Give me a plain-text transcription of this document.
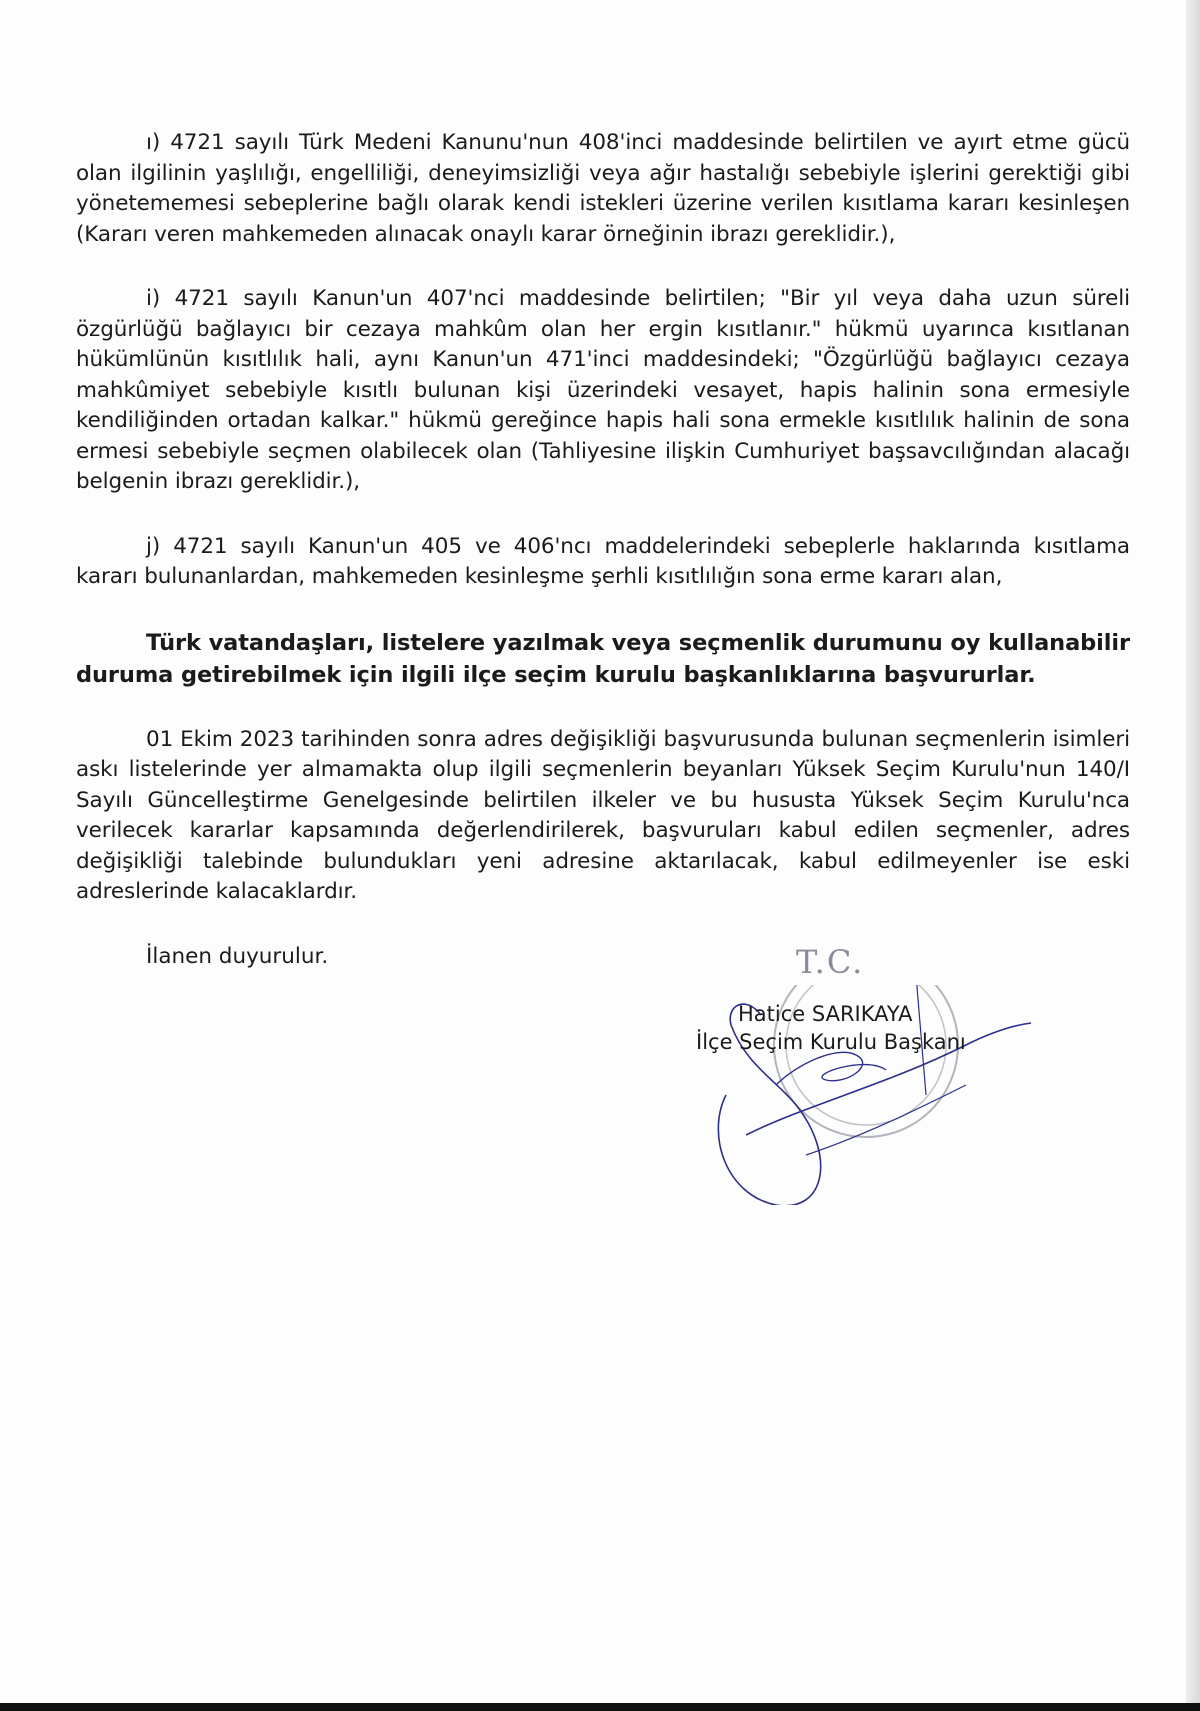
ı) 4721 sayılı Türk Medeni Kanunu'nun 408'inci maddesinde belirtilen ve ayırt etme gücü olan ilgilinin yaşlılığı, engelliliği, deneyimsizliği veya ağır hastalığı sebebiyle işlerini gerektiği gibi yönetememesi sebeplerine bağlı olarak kendi istekleri üzerine verilen kısıtlama kararı kesinleşen (Kararı veren mahkemeden alınacak onaylı karar örneğinin ibrazı gereklidir.),

i) 4721 sayılı Kanun'un 407'nci maddesinde belirtilen; "Bir yıl veya daha uzun süreli özgürlüğü bağlayıcı bir cezaya mahkûm olan her ergin kısıtlanır." hükmü uyarınca kısıtlanan hükümlünün kısıtlılık hali, aynı Kanun'un 471'inci maddesindeki; "Özgürlüğü bağlayıcı cezaya mahkûmiyet sebebiyle kısıtlı bulunan kişi üzerindeki vesayet, hapis halinin sona ermesiyle kendiliğinden ortadan kalkar." hükmü gereğince hapis hali sona ermekle kısıtlılık halinin de sona ermesi sebebiyle seçmen olabilecek olan (Tahliyesine ilişkin Cumhuriyet başsavcılığından alacağı belgenin ibrazı gereklidir.),

j) 4721 sayılı Kanun'un 405 ve 406'ncı maddelerindeki sebeplerle haklarında kısıtlama kararı bulunanlardan, mahkemeden kesinleşme şerhli kısıtlılığın sona erme kararı alan,

Türk vatandaşları, listelere yazılmak veya seçmenlik durumunu oy kullanabilir duruma getirebilmek için ilgili ilçe seçim kurulu başkanlıklarına başvururlar.

01 Ekim 2023 tarihinden sonra adres değişikliği başvurusunda bulunan seçmenlerin isimleri askı listelerinde yer almamakta olup ilgili seçmenlerin beyanları Yüksek Seçim Kurulu'nun 140/I Sayılı Güncelleştirme Genelgesinde belirtilen ilkeler ve bu hususta Yüksek Seçim Kurulu'nca verilecek kararlar kapsamında değerlendirilerek, başvuruları kabul edilen seçmenler, adres değişikliği talebinde bulundukları yeni adresine aktarılacak, kabul edilmeyenler ise eski adreslerinde kalacaklardır.

İlanen duyurulur.	T.C.
Hatice SARIKAYA
İlçe Seçim Kurulu Başkanı
